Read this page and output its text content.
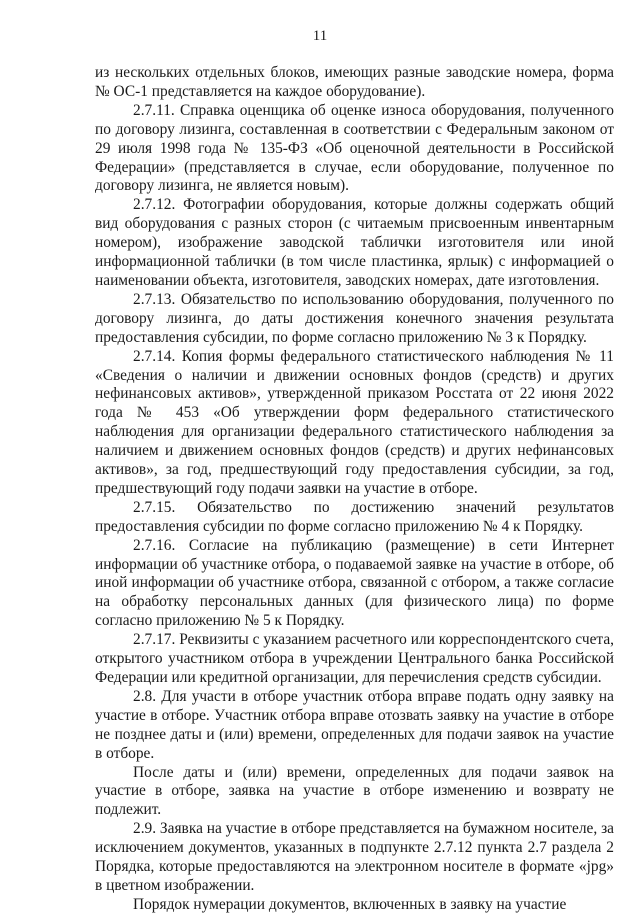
11

из нескольких отдельных блоков, имеющих разные заводские номера, форма № ОС-1 представляется на каждое оборудование).

2.7.11. Справка оценщика об оценке износа оборудования, полученного по договору лизинга, составленная в соответствии с Федеральным законом от 29 июля 1998 года № 135-ФЗ «Об оценочной деятельности в Российской Федерации» (представляется в случае, если оборудование, полученное по договору лизинга, не является новым).

2.7.12. Фотографии оборудования, которые должны содержать общий вид оборудования с разных сторон (с читаемым присвоенным инвентарным номером), изображение заводской таблички изготовителя или иной информационной таблички (в том числе пластинка, ярлык) с информацией о наименовании объекта, изготовителя, заводских номерах, дате изготовления.

2.7.13. Обязательство по использованию оборудования, полученного по договору лизинга, до даты достижения конечного значения результата предоставления субсидии, по форме согласно приложению № 3 к Порядку.

2.7.14. Копия формы федерального статистического наблюдения № 11 «Сведения о наличии и движении основных фондов (средств) и других нефинансовых активов», утвержденной приказом Росстата от 22 июня 2022 года № 453 «Об утверждении форм федерального статистического наблюдения для организации федерального статистического наблюдения за наличием и движением основных фондов (средств) и других нефинансовых активов», за год, предшествующий году предоставления субсидии, за год, предшествующий году подачи заявки на участие в отборе.

2.7.15. Обязательство по достижению значений результатов предоставления субсидии по форме согласно приложению № 4 к Порядку.

2.7.16. Согласие на публикацию (размещение) в сети Интернет информации об участнике отбора, о подаваемой заявке на участие в отборе, об иной информации об участнике отбора, связанной с отбором, а также согласие на обработку персональных данных (для физического лица) по форме согласно приложению № 5 к Порядку.

2.7.17. Реквизиты с указанием расчетного или корреспондентского счета, открытого участником отбора в учреждении Центрального банка Российской Федерации или кредитной организации, для перечисления средств субсидии.

2.8. Для участи в отборе участник отбора вправе подать одну заявку на участие в отборе. Участник отбора вправе отозвать заявку на участие в отборе не позднее даты и (или) времени, определенных для подачи заявок на участие в отборе.

После даты и (или) времени, определенных для подачи заявок на участие в отборе, заявка на участие в отборе изменению и возврату не подлежит.

2.9. Заявка на участие в отборе представляется на бумажном носителе, за исключением документов, указанных в подпункте 2.7.12 пункта 2.7 раздела 2 Порядка, которые предоставляются на электронном носителе в формате «jpg» в цветном изображении.

Порядок нумерации документов, включенных в заявку на участие
